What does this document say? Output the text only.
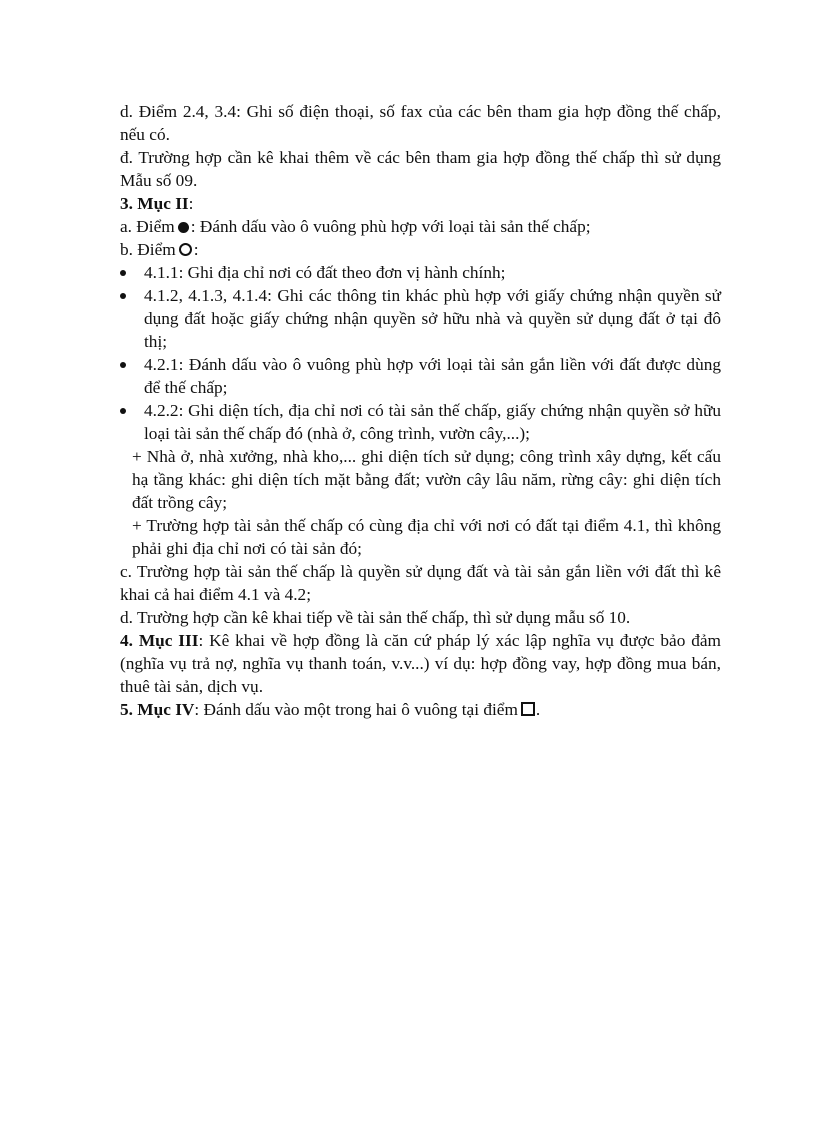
d. Điểm 2.4, 3.4: Ghi số điện thoại, số fax của các bên tham gia hợp đồng thế chấp, nếu có.

đ. Trường hợp cần kê khai thêm về các bên tham gia hợp đồng thế chấp thì sử dụng Mẫu số 09.

3. Mục II:

a. Điểm : Đánh dấu vào ô vuông phù hợp với loại tài sản thế chấp;

b. Điểm :

4.1.1: Ghi địa chỉ nơi có đất theo đơn vị hành chính;
4.1.2, 4.1.3, 4.1.4: Ghi các thông tin khác phù hợp với giấy chứng nhận quyền sử dụng đất hoặc giấy chứng nhận quyền sở hữu nhà và quyền sử dụng đất ở tại đô thị;
4.2.1: Đánh dấu vào ô vuông phù hợp với loại tài sản gắn liền với đất được dùng để thế chấp;
4.2.2: Ghi diện tích, địa chỉ nơi có tài sản thế chấp, giấy chứng nhận quyền sở hữu loại tài sản thế chấp đó (nhà ở, công trình, vườn cây,...);

+ Nhà ở, nhà xưởng, nhà kho,... ghi diện tích sử dụng; công trình xây dựng, kết cấu hạ tầng khác: ghi diện tích mặt bằng đất; vườn cây lâu năm, rừng cây: ghi diện tích đất trồng cây;

+ Trường hợp tài sản thế chấp có cùng địa chỉ với nơi có đất tại điểm 4.1, thì không phải ghi địa chỉ nơi có tài sản đó;

c. Trường hợp tài sản thế chấp là quyền sử dụng đất và tài sản gắn liền với đất thì kê khai cả hai điểm 4.1 và 4.2;

d. Trường hợp cần kê khai tiếp về tài sản thế chấp, thì sử dụng mẫu số 10.

4. Mục III: Kê khai về hợp đồng là căn cứ pháp lý xác lập nghĩa vụ được bảo đảm (nghĩa vụ trả nợ, nghĩa vụ thanh toán, v.v...) ví dụ: hợp đồng vay, hợp đồng mua bán, thuê tài sản, dịch vụ.

5. Mục IV: Đánh dấu vào một trong hai ô vuông tại điểm .
